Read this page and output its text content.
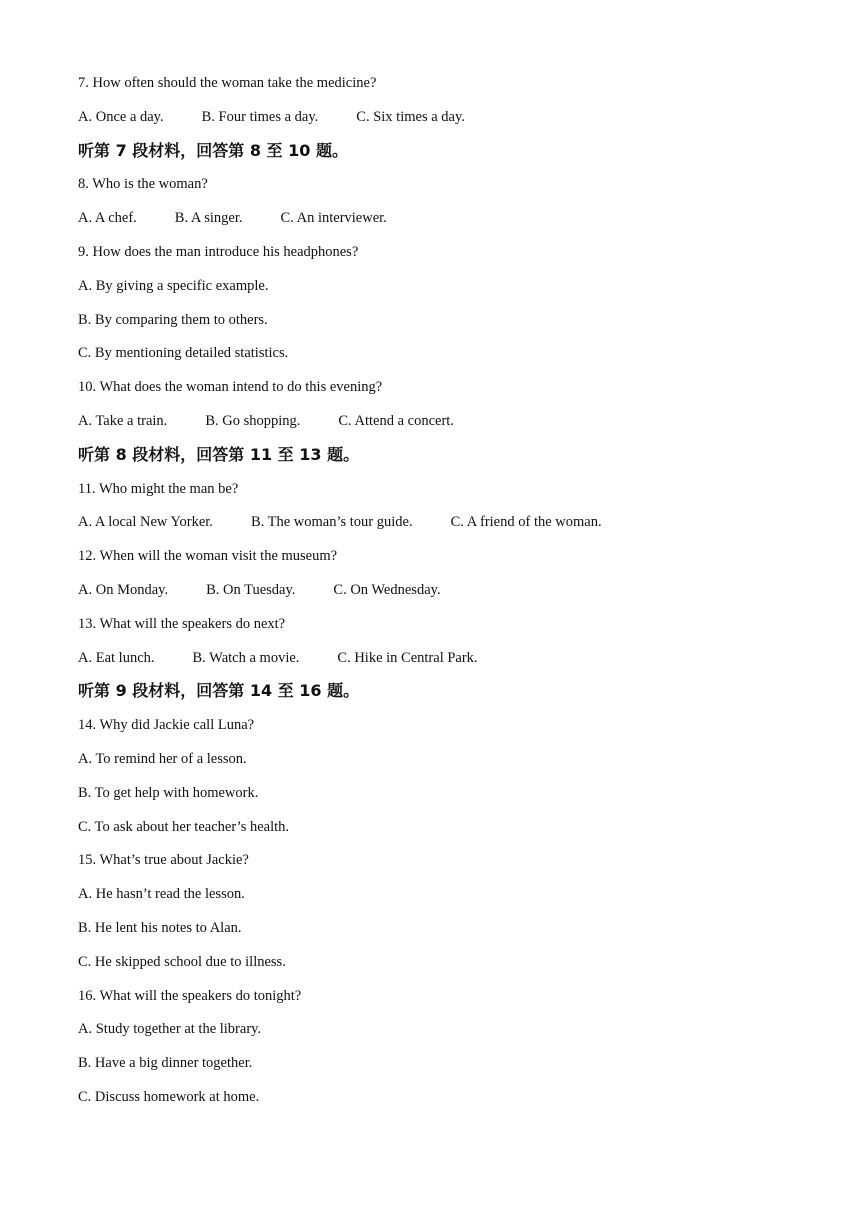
7. How often should the woman take the medicine?
A. Once a day.	B. Four times a day.	C. Six times a day.
听第 7 段材料，回答第 8 至 10 题。
8. Who is the woman?
A. A chef.	B. A singer.	C. An interviewer.
9. How does the man introduce his headphones?
A. By giving a specific example.
B. By comparing them to others.
C. By mentioning detailed statistics.
10. What does the woman intend to do this evening?
A. Take a train.	B. Go shopping.	C. Attend a concert.
听第 8 段材料，回答第 11 至 13 题。
11. Who might the man be?
A. A local New Yorker.	B. The woman’s tour guide.	C. A friend of the woman.
12. When will the woman visit the museum?
A. On Monday.	B. On Tuesday.	C. On Wednesday.
13. What will the speakers do next?
A. Eat lunch.	B. Watch a movie.	C. Hike in Central Park.
听第 9 段材料，回答第 14 至 16 题。
14. Why did Jackie call Luna?
A. To remind her of a lesson.
B. To get help with homework.
C. To ask about her teacher’s health.
15. What’s true about Jackie?
A. He hasn’t read the lesson.
B. He lent his notes to Alan.
C. He skipped school due to illness.
16. What will the speakers do tonight?
A. Study together at the library.
B. Have a big dinner together.
C. Discuss homework at home.
